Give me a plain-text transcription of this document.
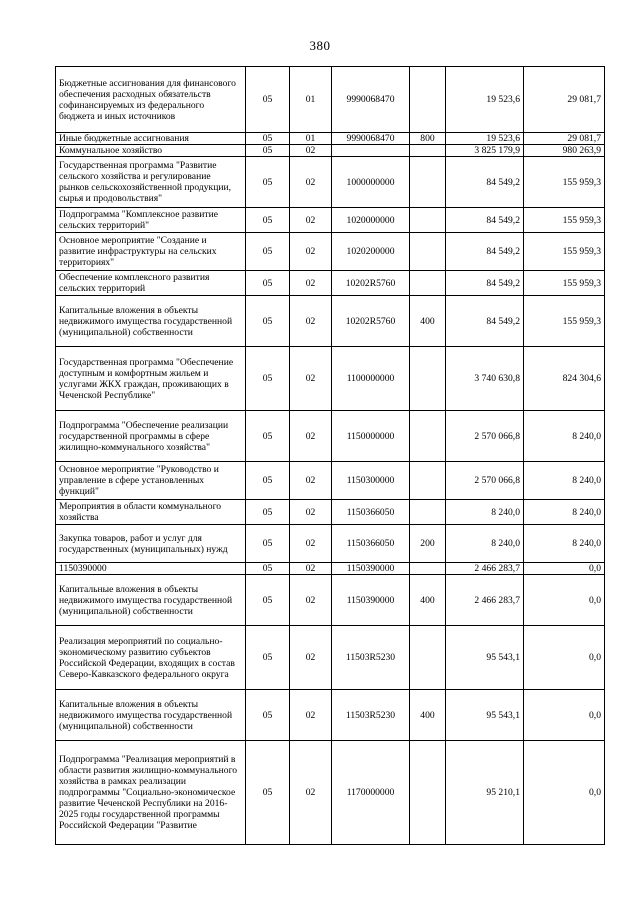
380
Бюджетные ассигнования для финансового обеспечения расходных обязательств софинансируемых из федерального бюджета и иных источников	05	01	9990068470		19 523,6	29 081,7
Иные бюджетные ассигнования	05	01	9990068470	800	19 523,6	29 081,7
Коммунальное хозяйство	05	02			3 825 179,9	980 263,9
Государственная программа "Развитие сельского хозяйства и регулирование рынков сельскохозяйственной продукции, сырья и продовольствия"	05	02	1000000000		84 549,2	155 959,3
Подпрограмма "Комплексное развитие сельских территорий"	05	02	1020000000		84 549,2	155 959,3
Основное мероприятие "Создание и развитие инфраструктуры на сельских территориях"	05	02	1020200000		84 549,2	155 959,3
Обеспечение комплексного развития сельских территорий	05	02	10202R5760		84 549,2	155 959,3
Капитальные вложения в объекты недвижимого имущества государственной (муниципальной) собственности	05	02	10202R5760	400	84 549,2	155 959,3
Государственная программа "Обеспечение доступным и комфортным жильем и услугами ЖКХ граждан, проживающих в Чеченской Республике"	05	02	1100000000		3 740 630,8	824 304,6
Подпрограмма "Обеспечение реализации государственной программы в сфере жилищно-коммунального хозяйства"	05	02	1150000000		2 570 066,8	8 240,0
Основное мероприятие "Руководство и управление в сфере установленных функций"	05	02	1150300000		2 570 066,8	8 240,0
Мероприятия в области коммунального хозяйства	05	02	1150366050		8 240,0	8 240,0
Закупка товаров, работ и услуг для государственных (муниципальных) нужд	05	02	1150366050	200	8 240,0	8 240,0
1150390000	05	02	1150390000		2 466 283,7	0,0
Капитальные вложения в объекты недвижимого имущества государственной (муниципальной) собственности	05	02	1150390000	400	2 466 283,7	0,0
Реализация мероприятий по социально-экономическому развитию субъектов Российской Федерации, входящих в состав Северо-Кавказского федерального округа	05	02	11503R5230		95 543,1	0,0
Капитальные вложения в объекты недвижимого имущества государственной (муниципальной) собственности	05	02	11503R5230	400	95 543,1	0,0
Подпрограмма "Реализация мероприятий в области развития жилищно-коммунального хозяйства в рамках реализации подпрограммы "Социально-экономическое развитие Чеченской Республики на 2016-2025 годы государственной программы Российской Федерации "Развитие	05	02	1170000000		95 210,1	0,0
